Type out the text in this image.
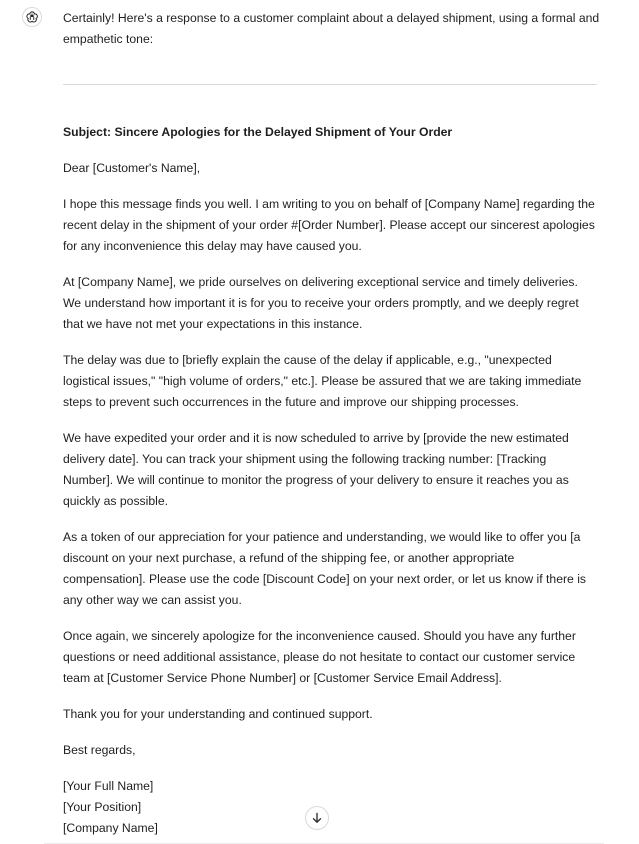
Certainly! Here's a response to a customer complaint about a delayed shipment, using a formal and empathetic tone:

Subject: Sincere Apologies for the Delayed Shipment of Your Order

Dear [Customer's Name],

I hope this message finds you well. I am writing to you on behalf of [Company Name] regarding the recent delay in the shipment of your order #[Order Number]. Please accept our sincerest apologies for any inconvenience this delay may have caused you.

At [Company Name], we pride ourselves on delivering exceptional service and timely deliveries. We understand how important it is for you to receive your orders promptly, and we deeply regret that we have not met your expectations in this instance.

The delay was due to [briefly explain the cause of the delay if applicable, e.g., "unexpected logistical issues," "high volume of orders," etc.]. Please be assured that we are taking immediate steps to prevent such occurrences in the future and improve our shipping processes.

We have expedited your order and it is now scheduled to arrive by [provide the new estimated delivery date]. You can track your shipment using the following tracking number: [Tracking Number]. We will continue to monitor the progress of your delivery to ensure it reaches you as quickly as possible.

As a token of our appreciation for your patience and understanding, we would like to offer you [a discount on your next purchase, a refund of the shipping fee, or another appropriate compensation]. Please use the code [Discount Code] on your next order, or let us know if there is any other way we can assist you.

Once again, we sincerely apologize for the inconvenience caused. Should you have any further questions or need additional assistance, please do not hesitate to contact our customer service team at [Customer Service Phone Number] or [Customer Service Email Address].

Thank you for your understanding and continued support.

Best regards,

[Your Full Name]

[Your Position]

[Company Name]
